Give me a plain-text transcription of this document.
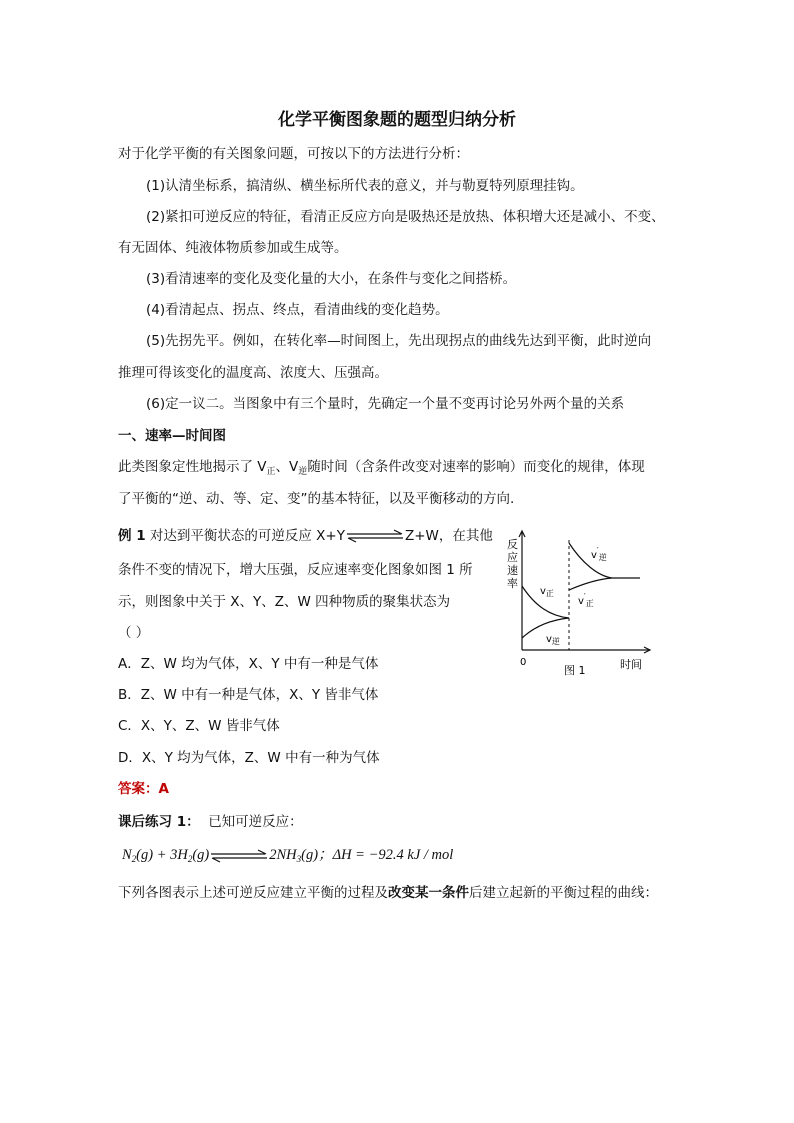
化学平衡图象题的题型归纳分析
对于化学平衡的有关图象问题，可按以下的方法进行分析：
(1)认清坐标系，搞清纵、横坐标所代表的意义，并与勒夏特列原理挂钩。
(2)紧扣可逆反应的特征，看清正反应方向是吸热还是放热、体积增大还是减小、不变、
有无固体、纯液体物质参加或生成等。
(3)看清速率的变化及变化量的大小，在条件与变化之间搭桥。
(4)看清起点、拐点、终点，看清曲线的变化趋势。
(5)先拐先平。例如，在转化率—时间图上，先出现拐点的曲线先达到平衡，此时逆向
推理可得该变化的温度高、浓度大、压强高。
(6)定一议二。当图象中有三个量时，先确定一个量不变再讨论另外两个量的关系
一、速率—时间图
此类图象定性地揭示了 $V_正$、$V_逆$随时间（含条件改变对速率的影响）而变化的规律，体现
了平衡的“逆、动、等、定、变”的基本特征，以及平衡移动的方向.
例 1 对达到平衡状态的可逆反应 X+Y	Z+W，在其他
条件不变的情况下，增大压强，反应速率变化图象如图 1 所
示，则图象中关于 X、Y、Z、W 四种物质的聚集状态为
（ ）
A．Z、W 均为气体，X、Y 中有一种是气体
B．Z、W 中有一种是气体，X、Y 皆非气体
C．X、Y、Z、W 皆非气体
D．X、Y 均为气体，Z、W 中有一种为气体
答案：A
反
应
速
率
0	时间
图 1
$v_正$
$v_逆$
$v'_逆$
$v'_正$
课后练习 1： 已知可逆反应：
$N_2(g) + 3H_2(g)$	$2NH_3(g)$；ΔH = −92.4 kJ / mol
下列各图表示上述可逆反应建立平衡的过程及改变某一条件后建立起新的平衡过程的曲线：
